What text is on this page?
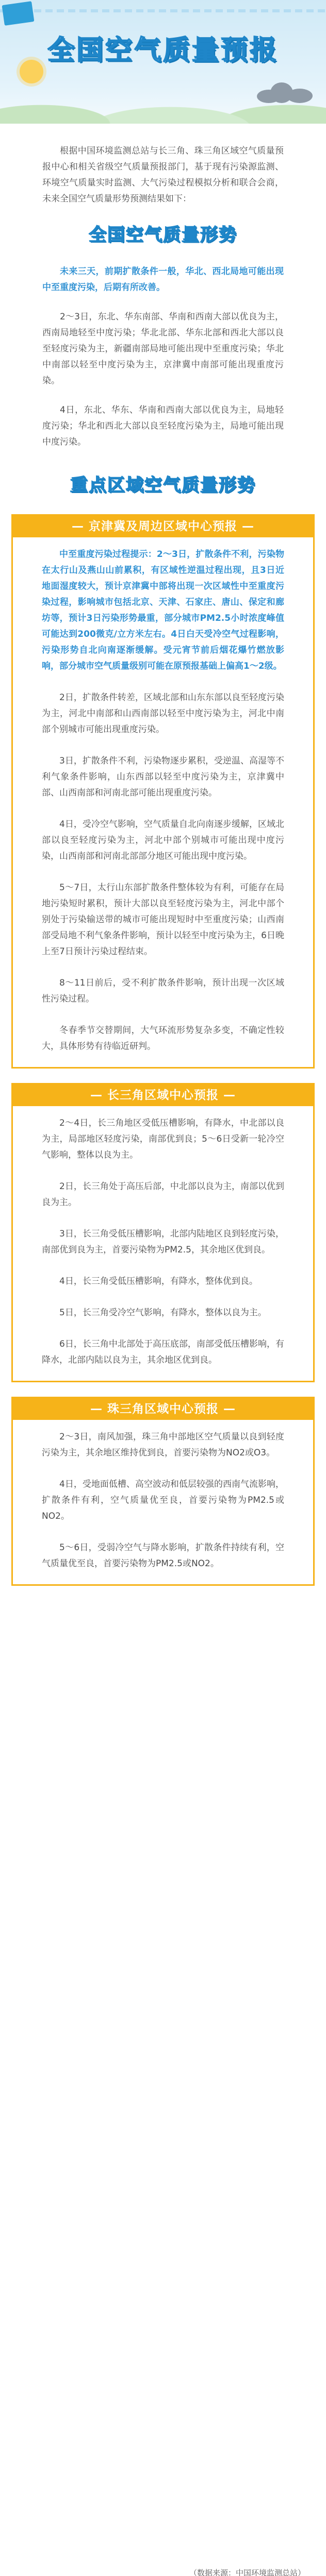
全国空气质量预报

根据中国环境监测总站与长三角、珠三角区域空气质量预报中心和相关省级空气质量预报部门，基于现有污染源监测、环境空气质量实时监测、大气污染过程模拟分析和联合会商，未来全国空气质量形势预测结果如下：

全国空气质量形势

未来三天，前期扩散条件一般，华北、西北局地可能出现中至重度污染，后期有所改善。

2～3日，东北、华东南部、华南和西南大部以优良为主，西南局地轻至中度污染；华北北部、华东北部和西北大部以良至轻度污染为主，新疆南部局地可能出现中至重度污染；华北中南部以轻至中度污染为主，京津冀中南部可能出现重度污染。

4日，东北、华东、华南和西南大部以优良为主，局地轻度污染；华北和西北大部以良至轻度污染为主，局地可能出现中度污染。

重点区域空气质量形势
— 京津冀及周边区域中心预报 —

中至重度污染过程提示：2～3日，扩散条件不利，污染物在太行山及燕山山前累积，有区域性逆温过程出现，且3日近地面湿度较大，预计京津冀中部将出现一次区域性中至重度污染过程，影响城市包括北京、天津、石家庄、唐山、保定和廊坊等，预计3日污染形势最重，部分城市PM2.5小时浓度峰值可能达到200微克/立方米左右。4日白天受冷空气过程影响，污染形势自北向南逐渐缓解。受元宵节前后烟花爆竹燃放影响，部分城市空气质量级别可能在原预报基础上偏高1～2级。

2日，扩散条件转差，区域北部和山东东部以良至轻度污染为主，河北中南部和山西南部以轻至中度污染为主，河北中南部个别城市可能出现重度污染。

3日，扩散条件不利，污染物逐步累积，受逆温、高湿等不利气象条件影响，山东西部以轻至中度污染为主，京津冀中部、山西南部和河南北部可能出现重度污染。

4日，受冷空气影响，空气质量自北向南逐步缓解，区域北部以良至轻度污染为主，河北中部个别城市可能出现中度污染，山西南部和河南北部部分地区可能出现中度污染。

5～7日，太行山东部扩散条件整体较为有利，可能存在局地污染短时累积，预计大部以良至轻度污染为主，河北中部个别处于污染输送带的城市可能出现短时中至重度污染；山西南部受局地不利气象条件影响，预计以轻至中度污染为主，6日晚上至7日预计污染过程结束。

8～11日前后，受不利扩散条件影响，预计出现一次区域性污染过程。

冬春季节交替期间，大气环流形势复杂多变，不确定性较大，具体形势有待临近研判。

— 长三角区域中心预报 —

2～4日，长三角地区受低压槽影响，有降水，中北部以良为主，局部地区轻度污染，南部优到良；5～6日受新一轮冷空气影响，整体以良为主。

2日，长三角处于高压后部，中北部以良为主，南部以优到良为主。

3日，长三角受低压槽影响，北部内陆地区良到轻度污染，南部优到良为主，首要污染物为PM2.5，其余地区优到良。

4日，长三角受低压槽影响，有降水，整体优到良。

5日，长三角受冷空气影响，有降水，整体以良为主。

6日，长三角中北部处于高压底部，南部受低压槽影响，有降水，北部内陆以良为主，其余地区优到良。

— 珠三角区域中心预报 —

2～3日，南风加强，珠三角中部地区空气质量以良到轻度污染为主，其余地区维持优到良，首要污染物为NO2或O3。

4日，受地面低槽、高空波动和低层较强的西南气流影响，扩散条件有利，空气质量优至良，首要污染物为PM2.5或NO2。

5～6日，受弱冷空气与降水影响，扩散条件持续有利，空气质量优至良，首要污染物为PM2.5或NO2。

（数据来源：中国环境监测总站）
